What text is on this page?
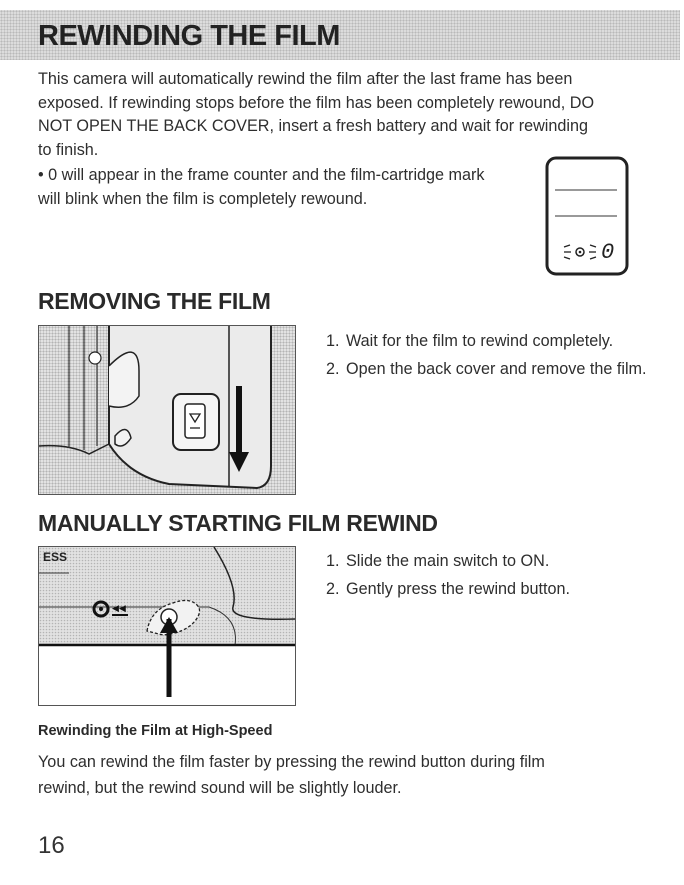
REWINDING THE FILM
This camera will automatically rewind the film after the last frame has been
exposed. If rewinding stops before the film has been completely rewound, DO
NOT OPEN THE BACK COVER, insert a fresh battery and wait for rewinding
to finish.
• 0 will appear in the frame counter and the film-cartridge mark
will blink when the film is completely rewound.
0
REMOVING THE FILM
1. Wait for the film to rewind completely.
2. Open the back cover and remove the film.
MANUALLY STARTING FILM REWIND
ESS
◀◀
1. Slide the main switch to ON.
2. Gently press the rewind button.
Rewinding the Film at High-Speed
You can rewind the film faster by pressing the rewind button during film
rewind, but the rewind sound will be slightly louder.
16
